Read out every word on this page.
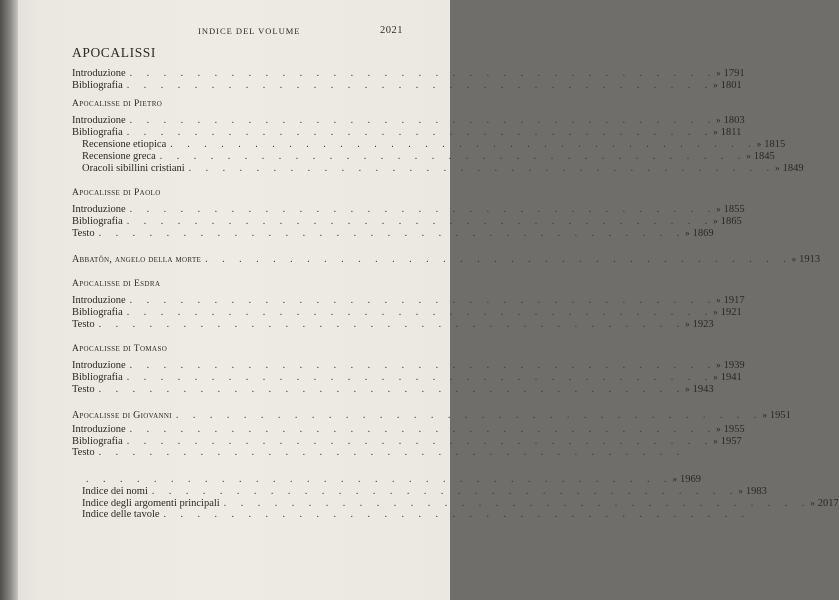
INDICE DEL VOLUME	2021
APOCALISSI
Introduzione . . . . . . . . . . . . . . . . . . . . . . . . . . . . . . . . . . . » 1791
Bibliografia . . . . . . . . . . . . . . . . . . . . . . . . . . . . . . . . . . . » 1801
Apocalisse di Pietro
Introduzione . . . . . . . . . . . . . . . . . . . . . . . . . . . . . . . . . . . » 1803
Bibliografia . . . . . . . . . . . . . . . . . . . . . . . . . . . . . . . . . . . » 1811
Recensione etiopica . . . . . . . . . . . . . . . . . . . . . . . . . . . . . . . . . . . » 1815
Recensione greca . . . . . . . . . . . . . . . . . . . . . . . . . . . . . . . . . . . » 1845
Oracoli sibillini cristiani . . . . . . . . . . . . . . . . . . . . . . . . . . . . . . . . . . . » 1849
Apocalisse di Paolo
Introduzione . . . . . . . . . . . . . . . . . . . . . . . . . . . . . . . . . . . » 1855
Bibliografia . . . . . . . . . . . . . . . . . . . . . . . . . . . . . . . . . . . » 1865
Testo . . . . . . . . . . . . . . . . . . . . . . . . . . . . . . . . . . . » 1869
Abbatôn, angelo della morte . . . . . . . . . . . . . . . . . . . . . . . . . . . . . . . . . . . » 1913
Apocalisse di Esdra
Introduzione . . . . . . . . . . . . . . . . . . . . . . . . . . . . . . . . . . . » 1917
Bibliografia . . . . . . . . . . . . . . . . . . . . . . . . . . . . . . . . . . . » 1921
Testo . . . . . . . . . . . . . . . . . . . . . . . . . . . . . . . . . . . » 1923
Apocalisse di Tomaso
Introduzione . . . . . . . . . . . . . . . . . . . . . . . . . . . . . . . . . . . » 1939
Bibliografia . . . . . . . . . . . . . . . . . . . . . . . . . . . . . . . . . . . » 1941
Testo . . . . . . . . . . . . . . . . . . . . . . . . . . . . . . . . . . . » 1943
Apocalisse di Giovanni . . . . . . . . . . . . . . . . . . . . . . . . . . . . . . . . . . . » 1951
Introduzione . . . . . . . . . . . . . . . . . . . . . . . . . . . . . . . . . . . » 1955
Bibliografia . . . . . . . . . . . . . . . . . . . . . . . . . . . . . . . . . . . » 1957
Testo . . . . . . . . . . . . . . . . . . . . . . . . . . . . . . . . . . .
. . . . . . . . . . . . . . . . . . . . . . . . . . . . . . . . . . . » 1969
Indice dei nomi . . . . . . . . . . . . . . . . . . . . . . . . . . . . . . . . . . . » 1983
Indice degli argomenti principali . . . . . . . . . . . . . . . . . . . . . . . . . . . . . . . . . . . » 2017
Indice delle tavole . . . . . . . . . . . . . . . . . . . . . . . . . . . . . . . . . . .
